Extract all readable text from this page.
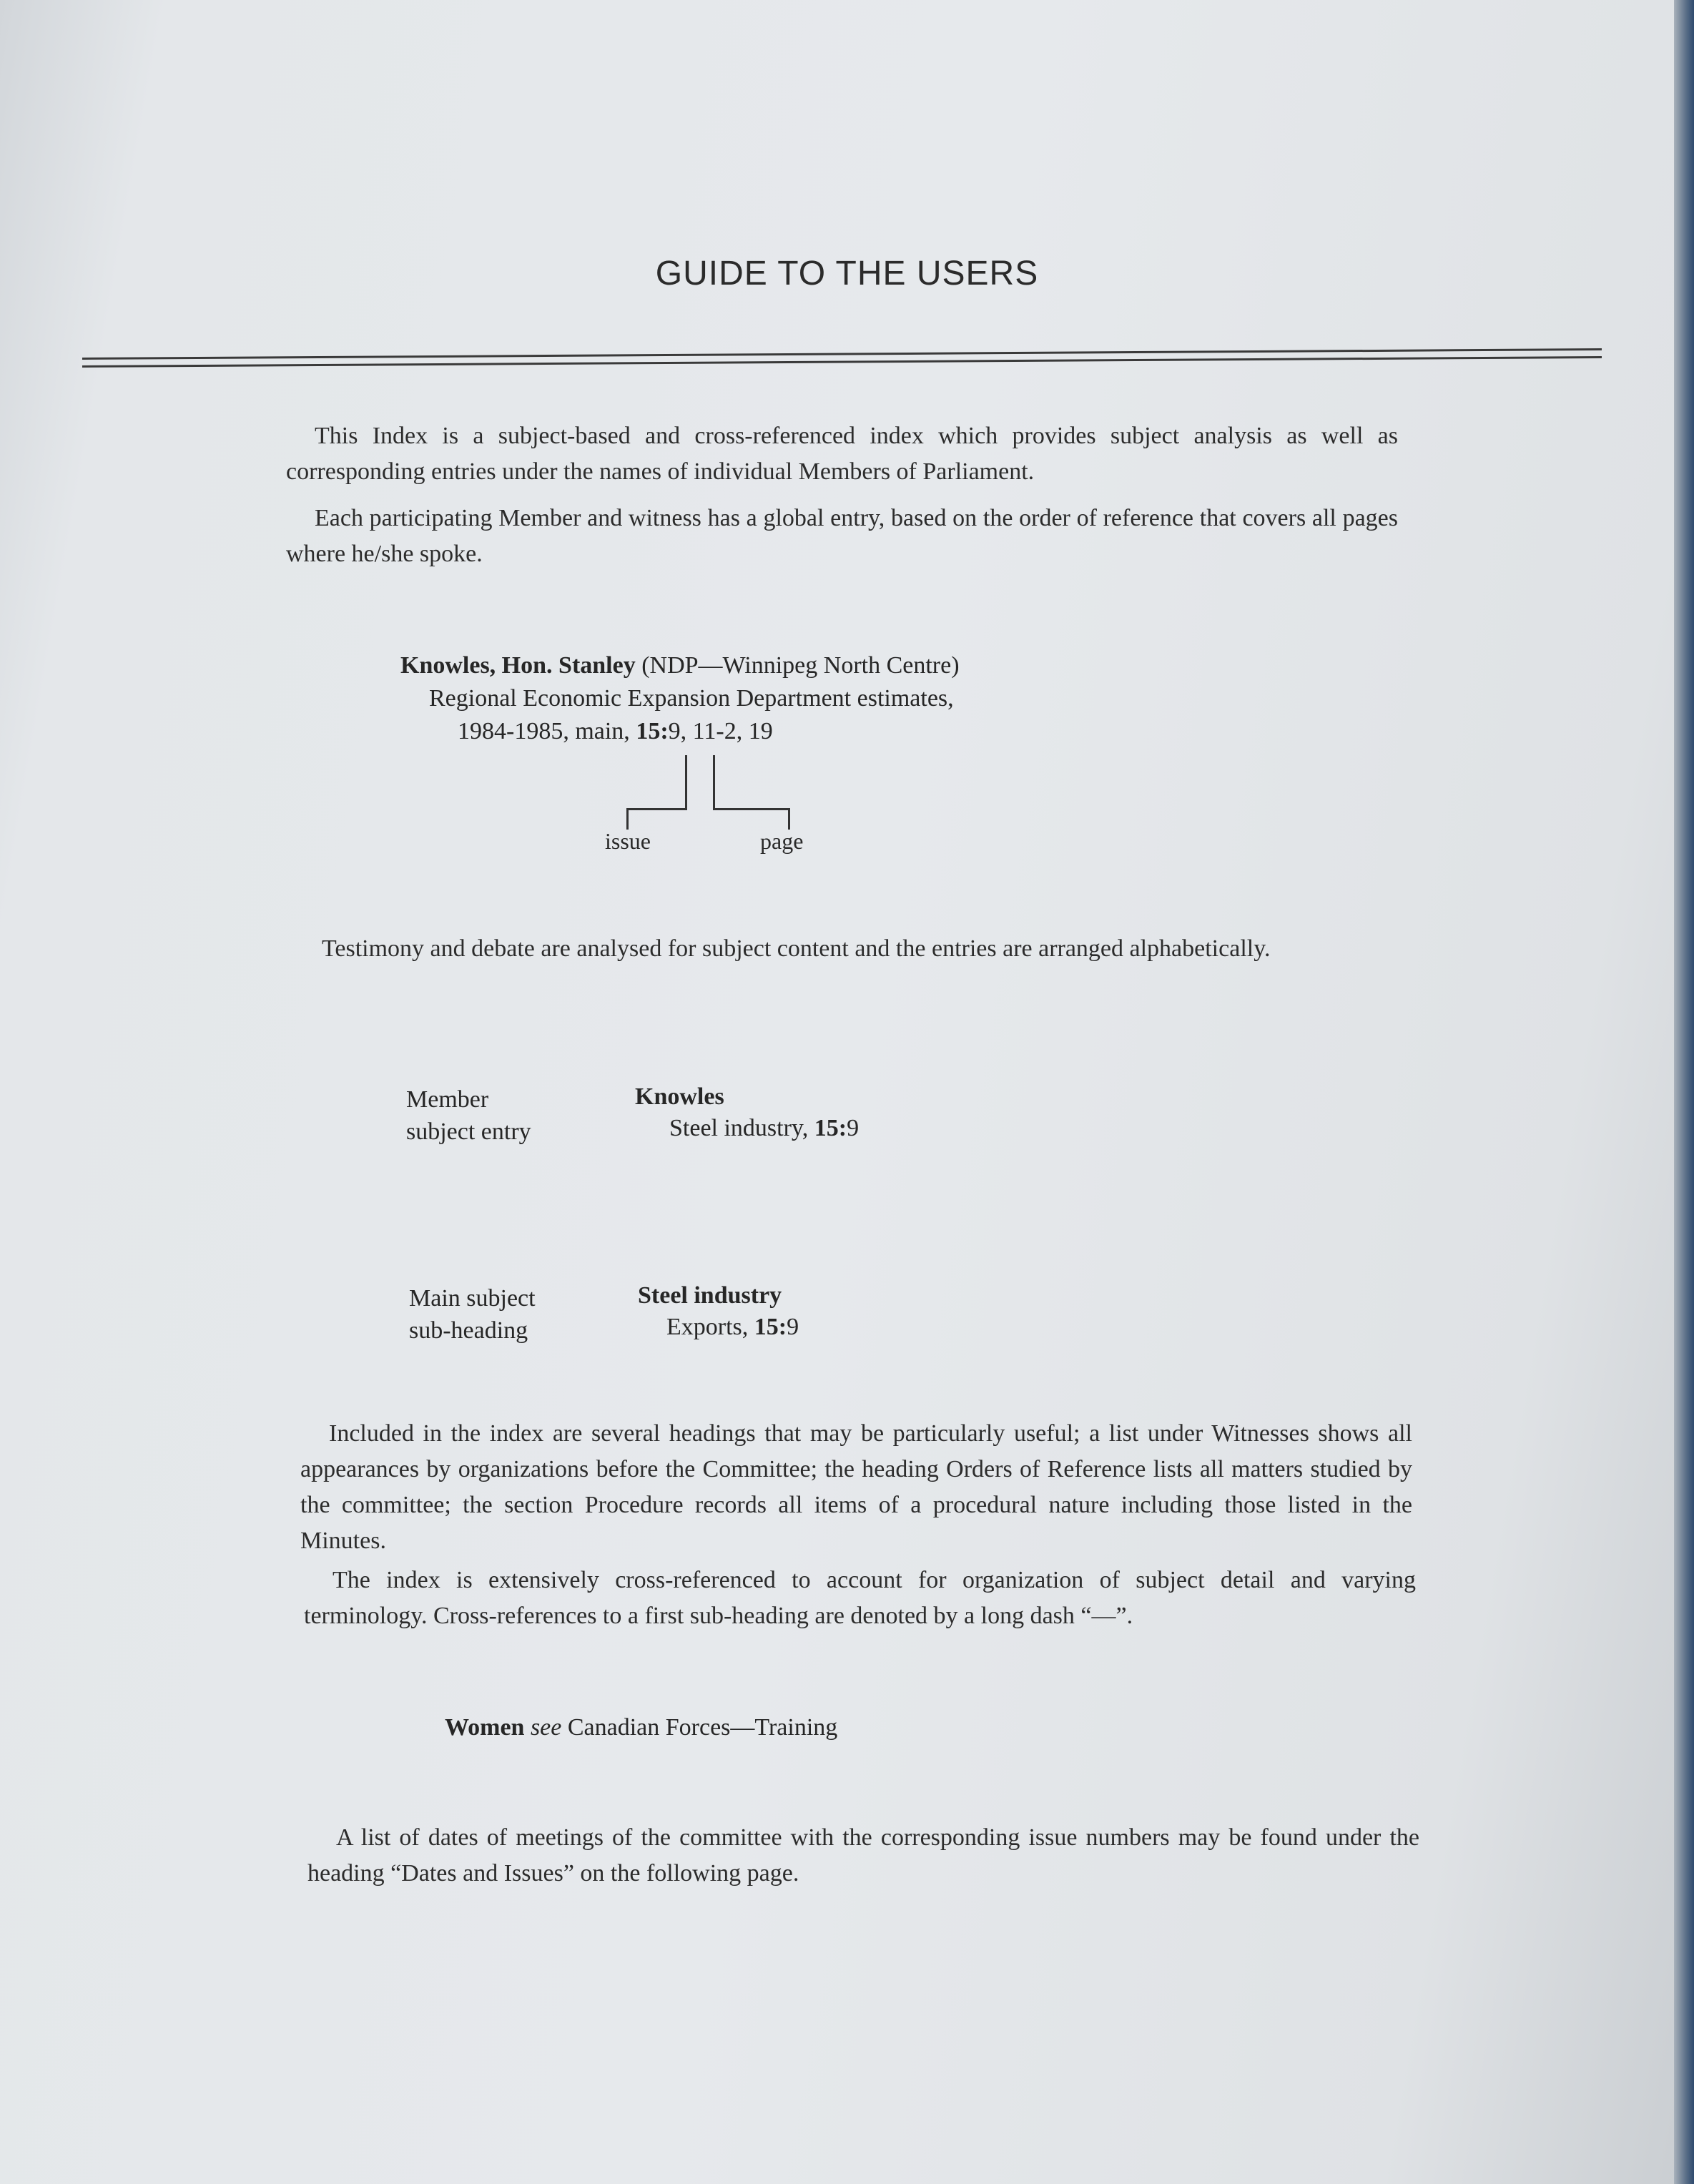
GUIDE TO THE USERS
This Index is a subject-based and cross-referenced index which provides subject analysis as well as corresponding entries under the names of individual Members of Parliament.
Each participating Member and witness has a global entry, based on the order of reference that covers all pages where he/she spoke.
Knowles, Hon. Stanley (NDP—Winnipeg North Centre)
Regional Economic Expansion Department estimates,
1984-1985, main, 15:9, 11-2, 19
issue	page
Testimony and debate are analysed for subject content and the entries are arranged alphabetically.
Member
subject entry
Knowles
Steel industry, 15:9
Main subject
sub-heading
Steel industry
Exports, 15:9
Included in the index are several headings that may be particularly useful; a list under Witnesses shows all appearances by organizations before the Committee; the heading Orders of Reference lists all matters studied by the committee; the section Procedure records all items of a procedural nature including those listed in the Minutes.
The index is extensively cross-referenced to account for organization of subject detail and varying terminology. Cross-references to a first sub-heading are denoted by a long dash “—”.
Women see Canadian Forces—Training
A list of dates of meetings of the committee with the corresponding issue numbers may be found under the heading “Dates and Issues” on the following page.
